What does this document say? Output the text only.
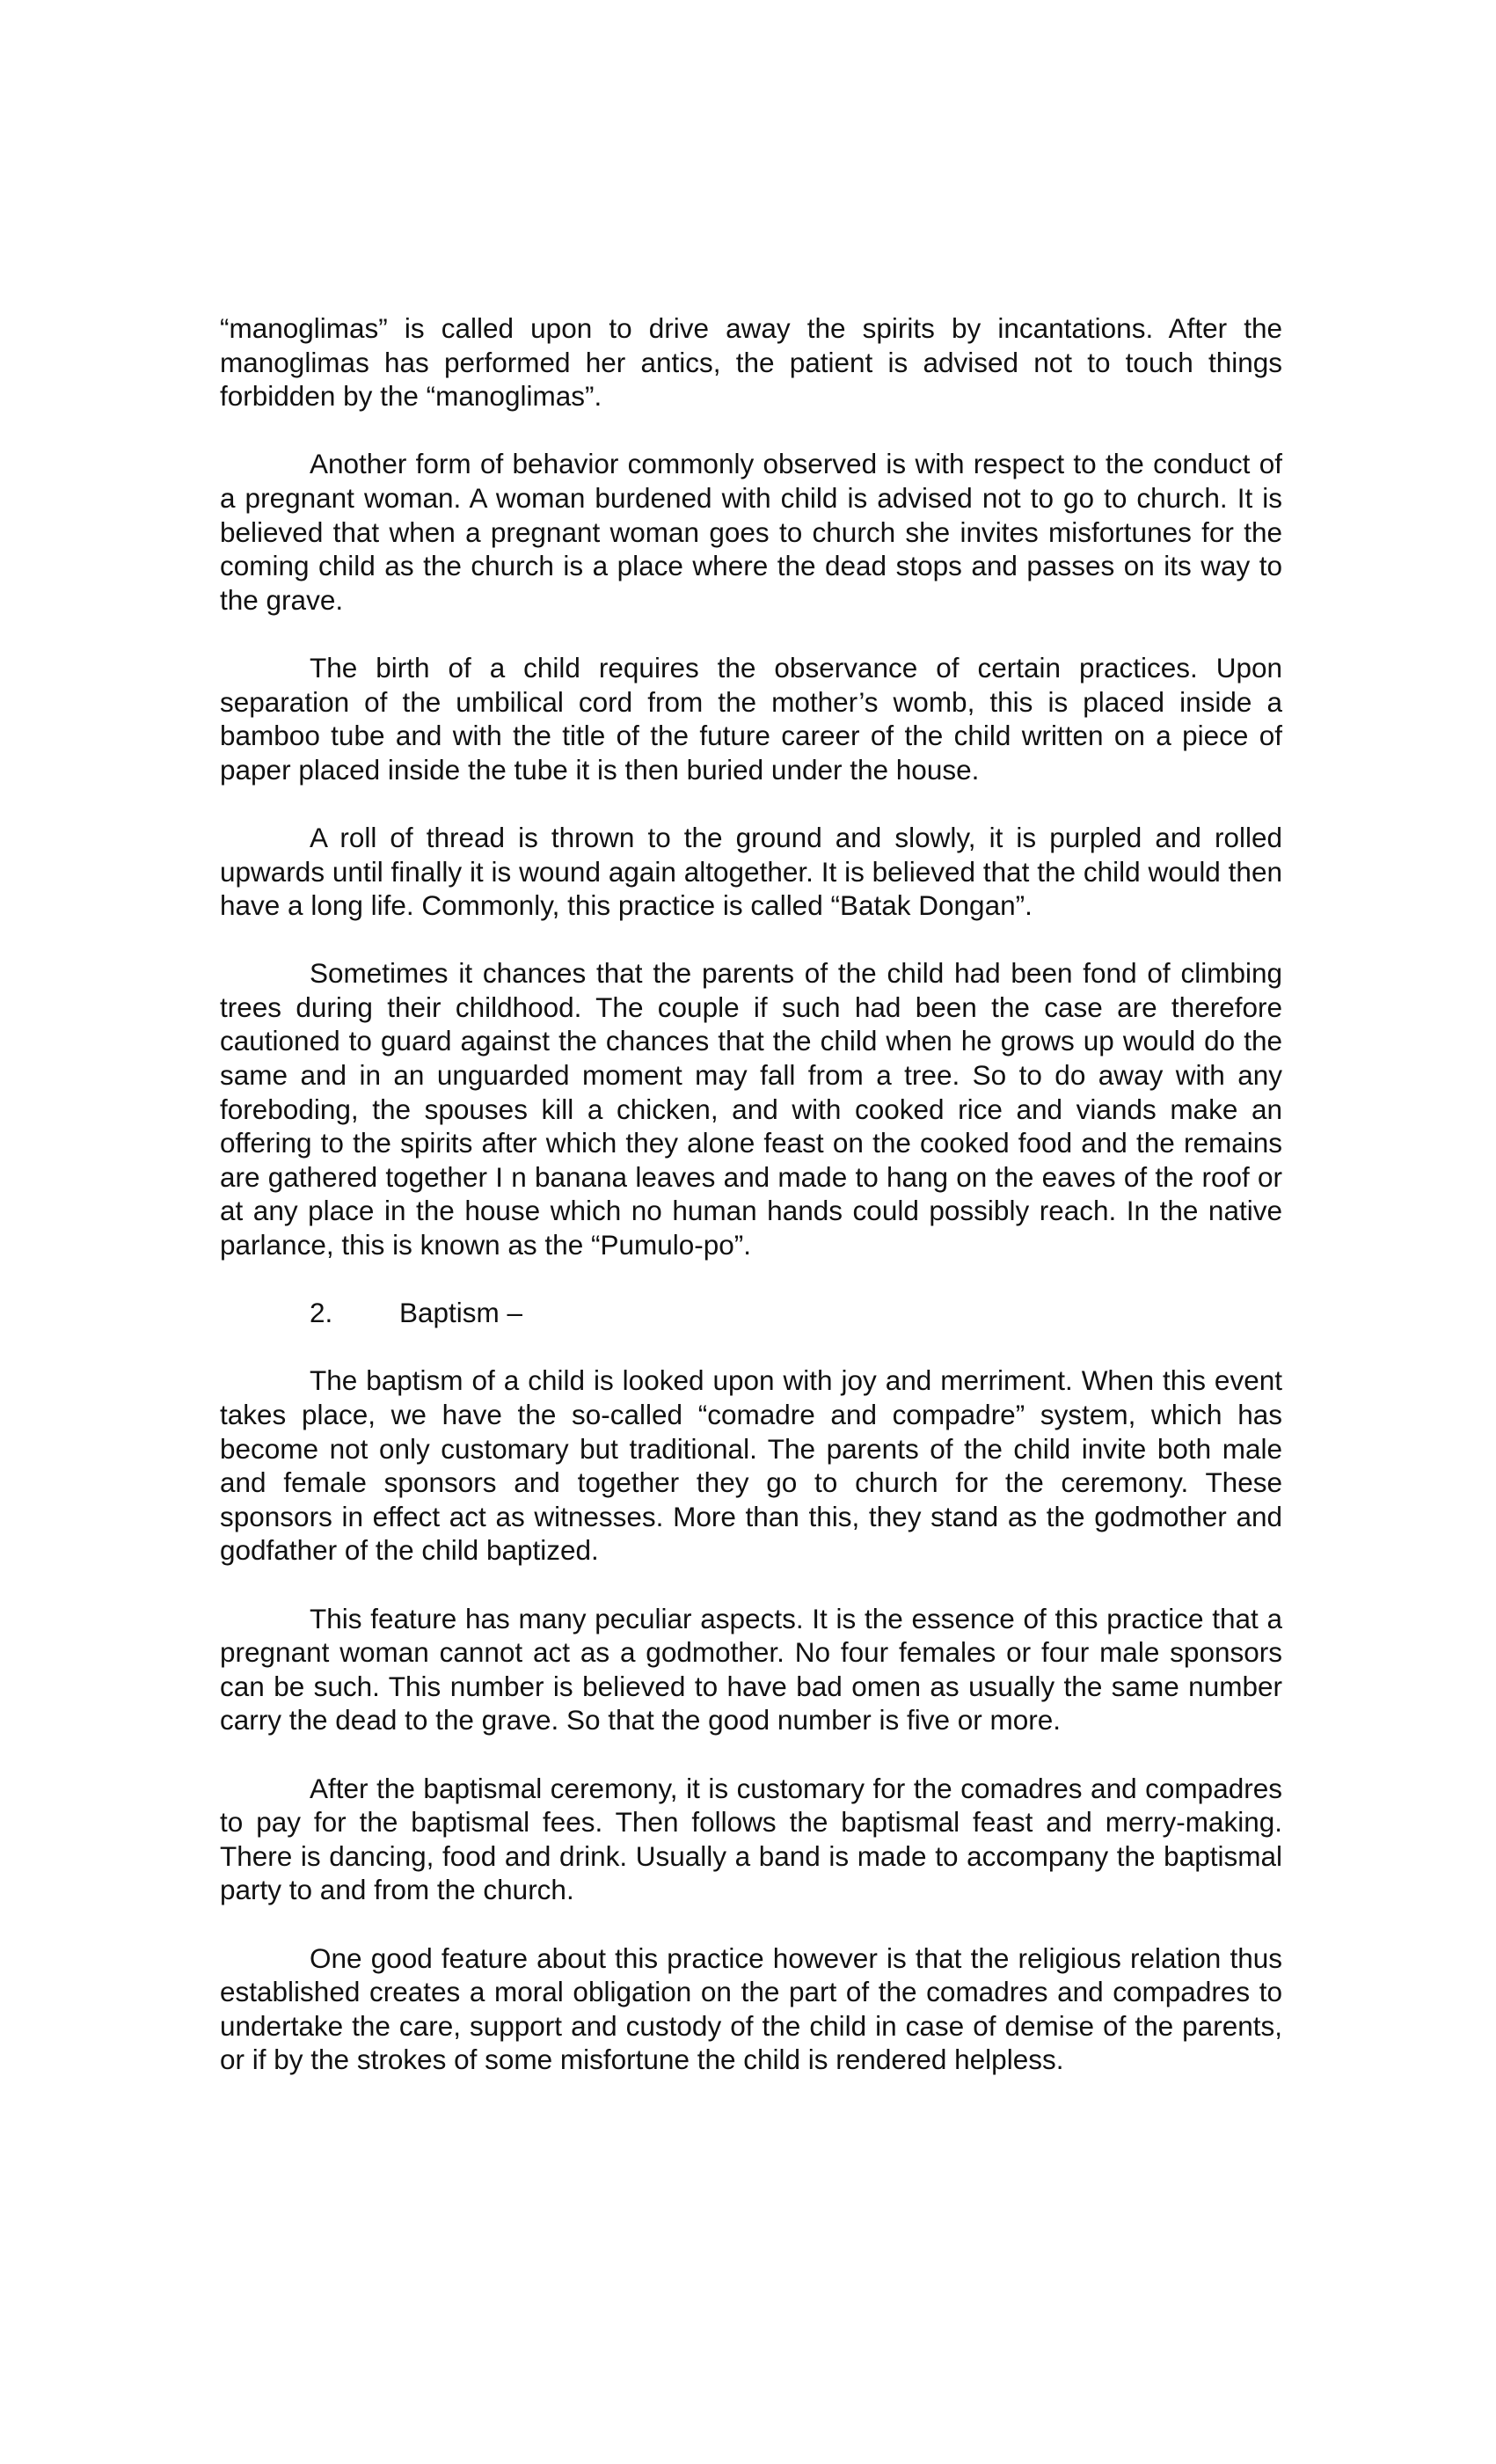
“manoglimas” is called upon to drive away the spirits by incantations. After the manoglimas has performed her antics, the patient is advised not to touch things forbidden by the “manoglimas”.

Another form of behavior commonly observed is with respect to the conduct of a pregnant woman. A woman burdened with child is advised not to go to church. It is believed that when a pregnant woman goes to church she invites misfortunes for the coming child as the church is a place where the dead stops and passes on its way to the grave.

The birth of a child requires the observance of certain practices. Upon separation of the umbilical cord from the mother’s womb, this is placed inside a bamboo tube and with the title of the future career of the child written on a piece of paper placed inside the tube it is then buried under the house.

A roll of thread is thrown to the ground and slowly, it is purpled and rolled upwards until finally it is wound again altogether. It is believed that the child would then have a long life. Commonly, this practice is called “Batak Dongan”.

Sometimes it chances that the parents of the child had been fond of climbing trees during their childhood. The couple if such had been the case are therefore cautioned to guard against the chances that the child when he grows up would do the same and in an unguarded moment may fall from a tree. So to do away with any foreboding, the spouses kill a chicken, and with cooked rice and viands make an offering to the spirits after which they alone feast on the cooked food and the remains are gathered together I n banana leaves and made to hang on the eaves of the roof or at any place in the house which no human hands could possibly reach. In the native parlance, this is known as the “Pumulo-po”.

2. Baptism –

The baptism of a child is looked upon with joy and merriment. When this event takes place, we have the so-called “comadre and compadre” system, which has become not only customary but traditional. The parents of the child invite both male and female sponsors and together they go to church for the ceremony. These sponsors in effect act as witnesses. More than this, they stand as the godmother and godfather of the child baptized.

This feature has many peculiar aspects. It is the essence of this practice that a pregnant woman cannot act as a godmother. No four females or four male sponsors can be such. This number is believed to have bad omen as usually the same number carry the dead to the grave. So that the good number is five or more.

After the baptismal ceremony, it is customary for the comadres and compadres to pay for the baptismal fees. Then follows the baptismal feast and merry-making. There is dancing, food and drink. Usually a band is made to accompany the baptismal party to and from the church.

One good feature about this practice however is that the religious relation thus established creates a moral obligation on the part of the comadres and compadres to undertake the care, support and custody of the child in case of demise of the parents, or if by the strokes of some misfortune the child is rendered helpless.
